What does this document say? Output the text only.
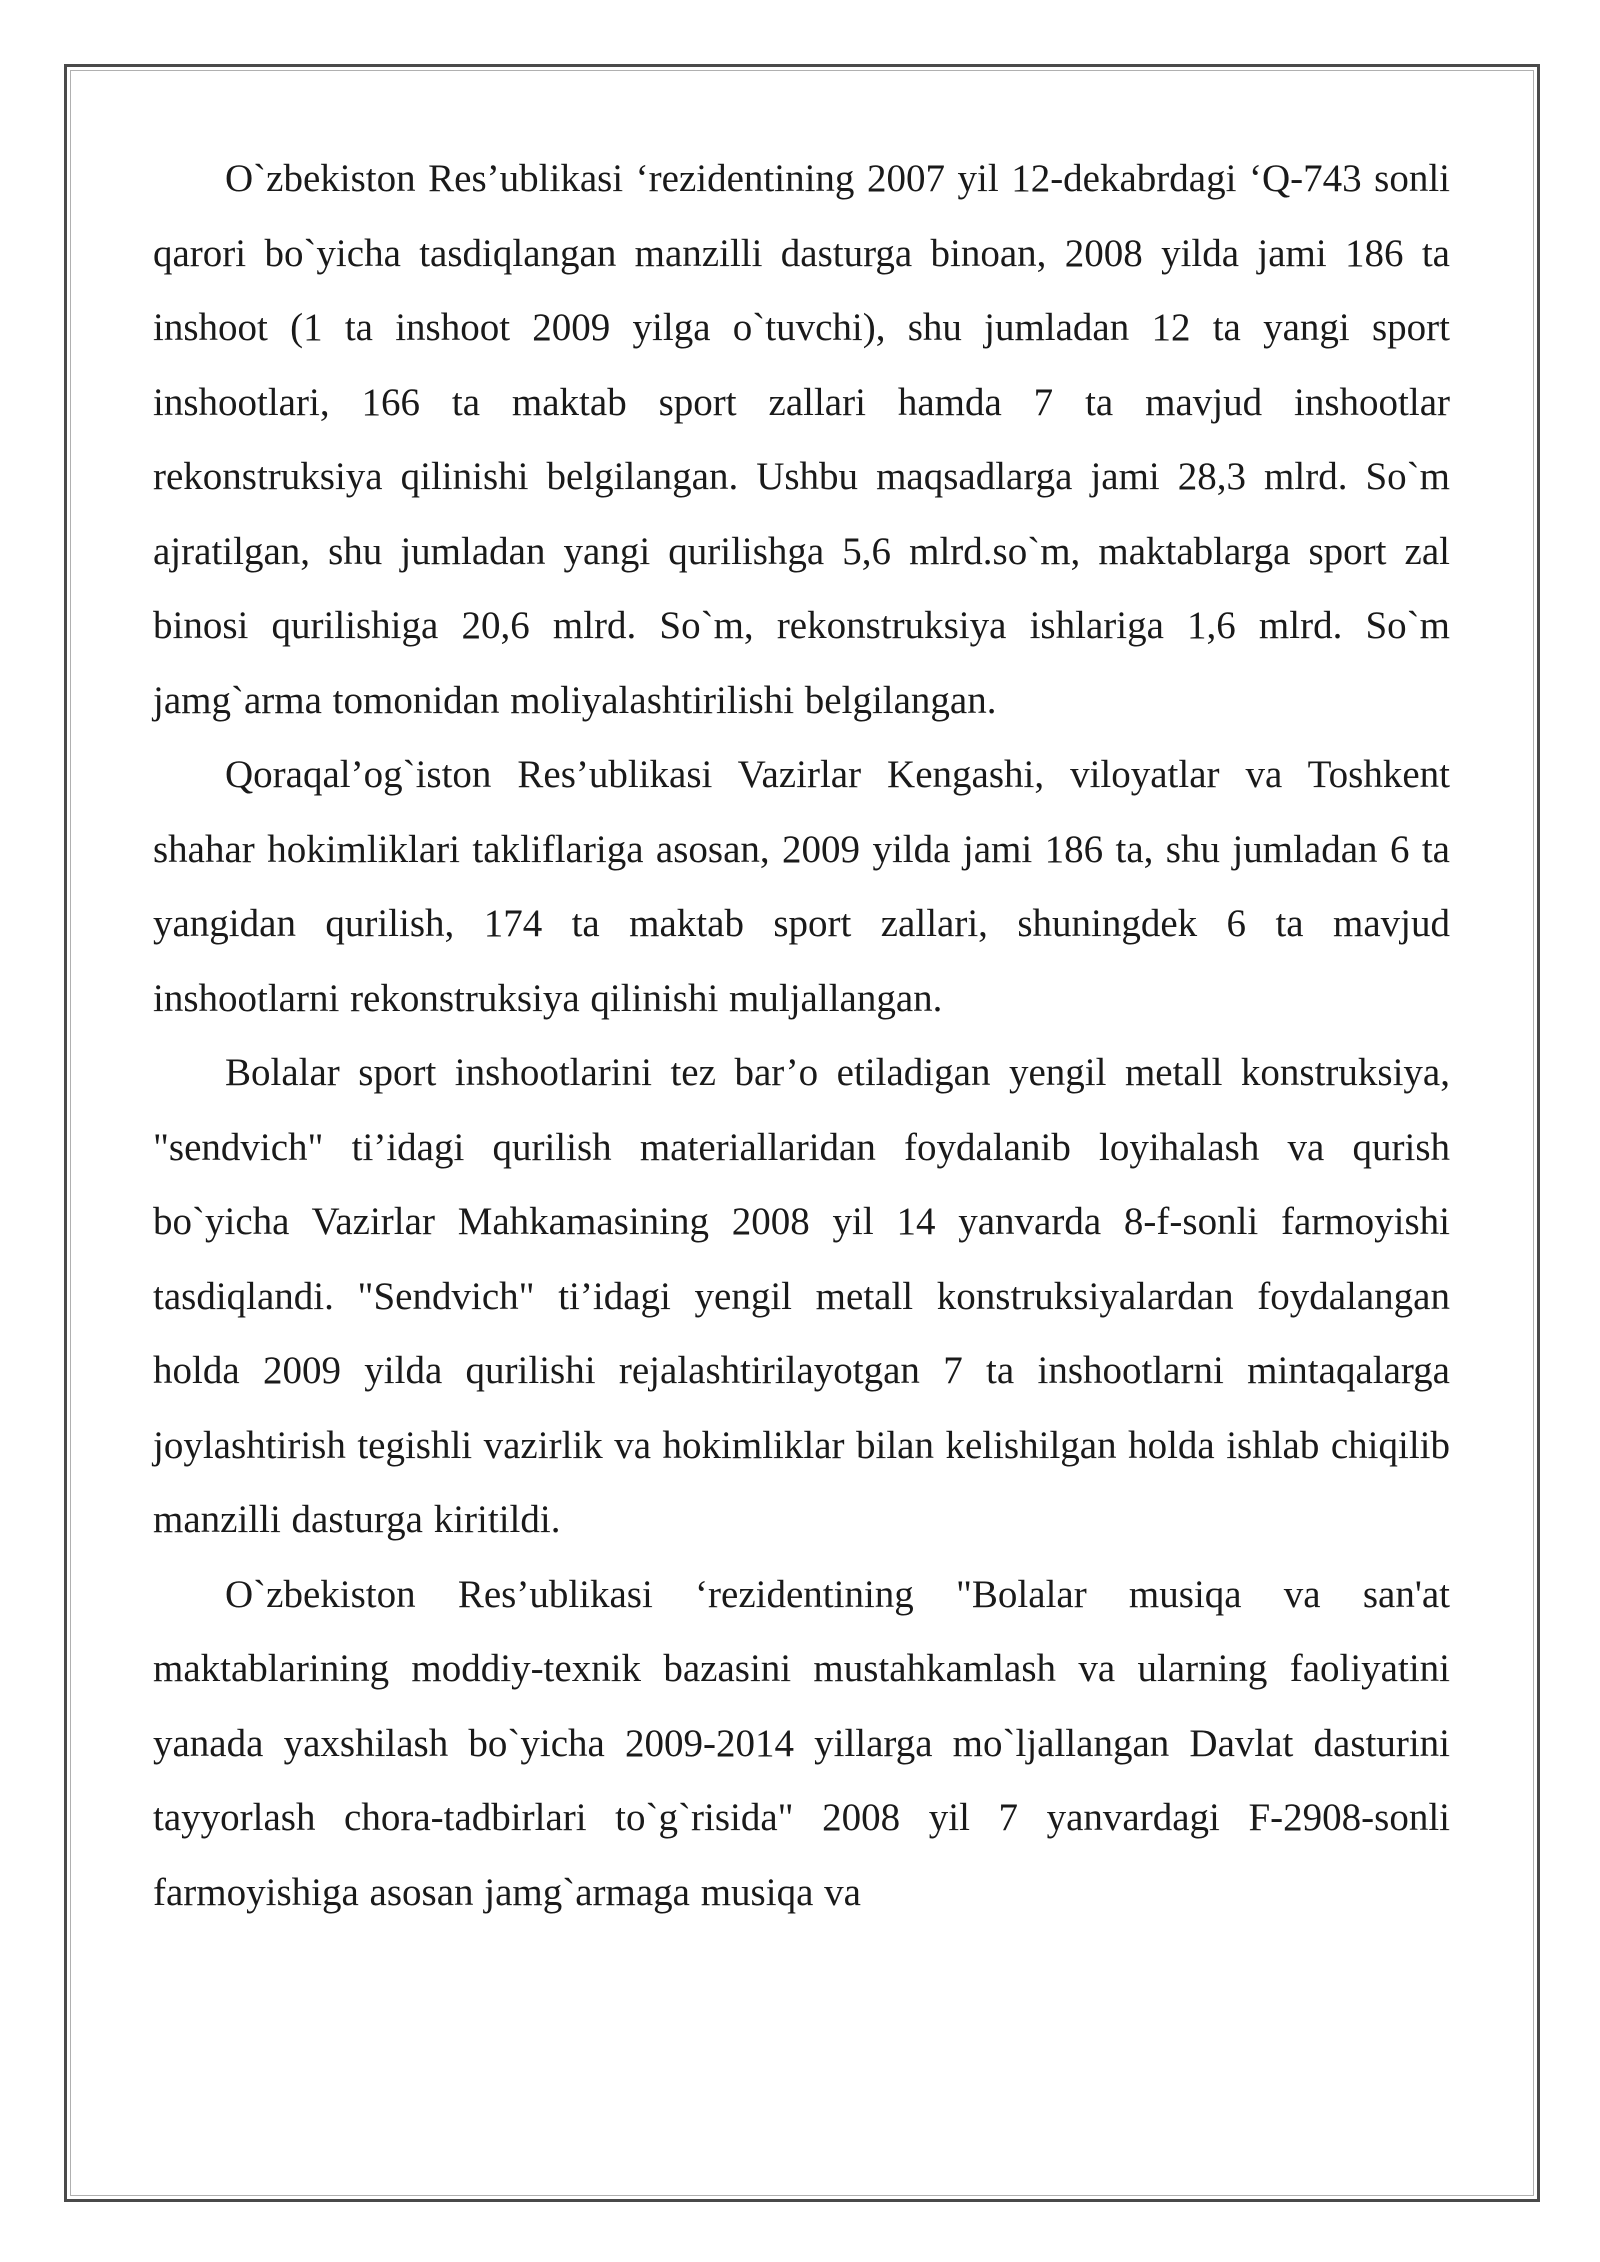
O`zbekiston Res’ublikasi ‘rezidentining 2007 yil 12-dekabrdagi ‘Q-743 sonli qarori bo`yicha tasdiqlangan manzilli dasturga binoan, 2008 yilda jami 186 ta inshoot (1 ta inshoot 2009 yilga o`tuvchi), shu jumladan 12 ta yangi sport inshootlari, 166 ta maktab sport zallari hamda 7 ta mavjud inshootlar rekonstruksiya qilinishi belgilangan. Ushbu maqsadlarga jami 28,3 mlrd. So`m ajratilgan, shu jumladan yangi qurilishga 5,6 mlrd.so`m, maktablarga sport zal binosi qurilishiga 20,6 mlrd. So`m, rekonstruksiya ishlariga 1,6 mlrd. So`m jamg`arma tomonidan moliyalashtirilishi belgilangan.

Qoraqal’og`iston Res’ublikasi Vazirlar Kengashi, viloyatlar va Toshkent shahar hokimliklari takliflariga asosan, 2009 yilda jami 186 ta, shu jumladan 6 ta yangidan qurilish, 174 ta maktab sport zallari, shuningdek 6 ta mavjud inshootlarni rekonstruksiya qilinishi muljallangan.

Bolalar sport inshootlarini tez bar’o etiladigan yengil metall konstruksiya, "sendvich" ti’idagi qurilish materiallaridan foydalanib loyihalash va qurish bo`yicha Vazirlar Mahkamasining 2008 yil 14 yanvarda 8-f-sonli farmoyishi tasdiqlandi. "Sendvich" ti’idagi yengil metall konstruksiyalardan foydalangan holda 2009 yilda qurilishi rejalashtirilayotgan 7 ta inshootlarni mintaqalarga joylashtirish tegishli vazirlik va hokimliklar bilan kelishilgan holda ishlab chiqilib manzilli dasturga kiritildi.

O`zbekiston Res’ublikasi ‘rezidentining "Bolalar musiqa va san'at maktablarining moddiy-texnik bazasini mustahkamlash va ularning faoliyatini yanada yaxshilash bo`yicha 2009-2014 yillarga mo`ljallangan Davlat dasturini tayyorlash chora-tadbirlari to`g`risida" 2008 yil 7 yanvardagi F-2908-sonli farmoyishiga asosan jamg`armaga musiqa va
